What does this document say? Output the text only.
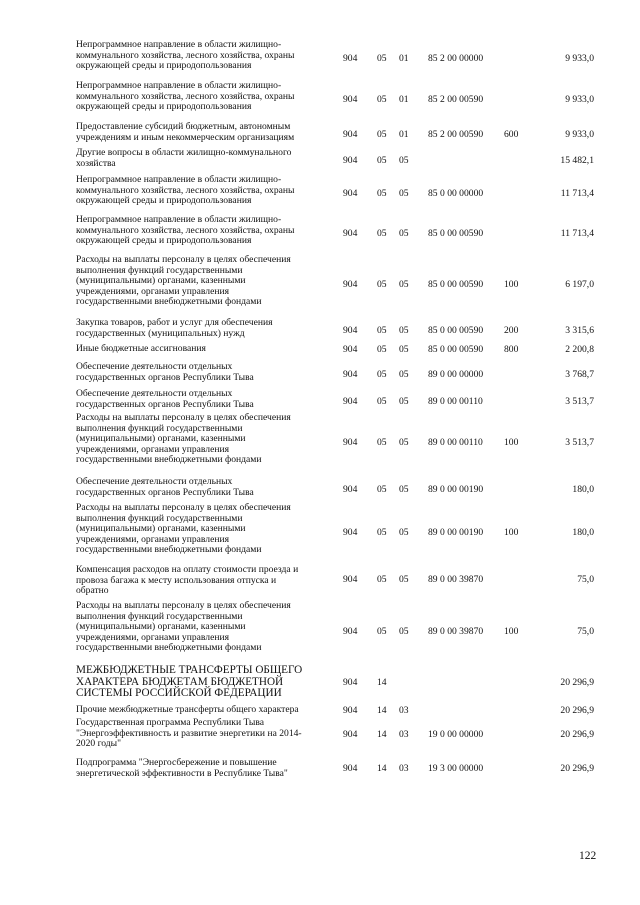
Непрограммное направление в области жилищно-
коммунального хозяйства, лесного хозяйства, охраны
окружающей среды и природопользования
904 05 01 85 2 00 00000	9 933,0
Непрограммное направление в области жилищно-
коммунального хозяйства, лесного хозяйства, охраны
окружающей среды и природопользования
904 05 01 85 2 00 00590	9 933,0
Предоставление субсидий бюджетным, автономным
учреждениям и иным некоммерческим организациям	904 05 01 85 2 00 00590 600	9 933,0
Другие вопросы в области жилищно-коммунального
хозяйства	904 05 05	15 482,1
Непрограммное направление в области жилищно-
коммунального хозяйства, лесного хозяйства, охраны
окружающей среды и природопользования
904 05 05 85 0 00 00000	11 713,4
Непрограммное направление в области жилищно-
коммунального хозяйства, лесного хозяйства, охраны
окружающей среды и природопользования
904 05 05 85 0 00 00590	11 713,4
Расходы на выплаты персоналу в целях обеспечения
выполнения функций государственными
(муниципальными) органами, казенными
учреждениями, органами управления
государственными внебюджетными фондами
904 05 05 85 0 00 00590 100	6 197,0
Закупка товаров, работ и услуг для обеспечения
государственных (муниципальных) нужд	904 05 05 85 0 00 00590 200	3 315,6
Иные бюджетные ассигнования	904 05 05 85 0 00 00590 800	2 200,8
Обеспечение деятельности отдельных
государственных органов Республики Тыва	904 05 05 89 0 00 00000	3 768,7
Обеспечение деятельности отдельных
государственных органов Республики Тыва	904 05 05 89 0 00 00110	3 513,7
Расходы на выплаты персоналу в целях обеспечения
выполнения функций государственными
(муниципальными) органами, казенными
учреждениями, органами управления
государственными внебюджетными фондами
904 05 05 89 0 00 00110 100	3 513,7
Обеспечение деятельности отдельных
государственных органов Республики Тыва	904 05 05 89 0 00 00190	180,0
Расходы на выплаты персоналу в целях обеспечения
выполнения функций государственными
(муниципальными) органами, казенными
учреждениями, органами управления
государственными внебюджетными фондами
904 05 05 89 0 00 00190 100	180,0
Компенсация расходов на оплату стоимости проезда и
провоза багажа к месту использования отпуска и
обратно
904 05 05 89 0 00 39870	75,0
Расходы на выплаты персоналу в целях обеспечения
выполнения функций государственными
(муниципальными) органами, казенными
учреждениями, органами управления
государственными внебюджетными фондами
904 05 05 89 0 00 39870 100	75,0
МЕЖБЮДЖЕТНЫЕ ТРАНСФЕРТЫ ОБЩЕГО
ХАРАКТЕРА БЮДЖЕТАМ БЮДЖЕТНОЙ
СИСТЕМЫ РОССИЙСКОЙ ФЕДЕРАЦИИ
904 14	20 296,9
Прочие межбюджетные трансферты общего характера	904 14 03	20 296,9
Государственная программа Республики Тыва
"Энергоэффективность и развитие энергетики на 2014-
2020 годы"
904 14 03 19 0 00 00000	20 296,9
Подпрограмма "Энергосбережение и повышение
энергетической эффективности в Республике Тыва"	904 14 03 19 3 00 00000	20 296,9
122
